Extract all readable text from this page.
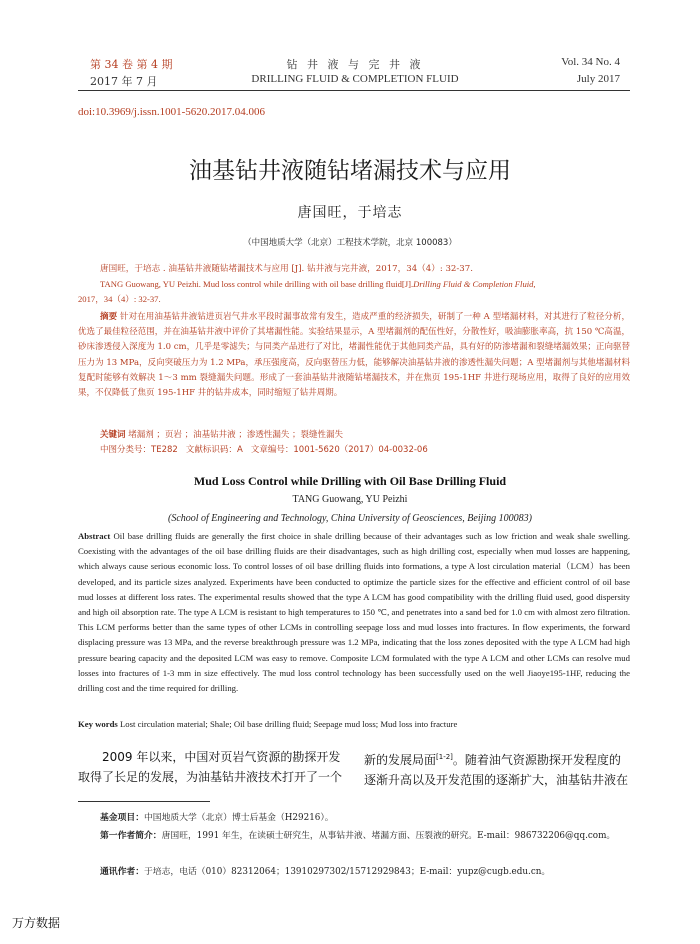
第 34 卷 第 4 期
2017 年 7 月
钻 井 液 与 完 井 液
DRILLING FLUID & COMPLETION FLUID
Vol. 34 No. 4
July 2017
doi:10.3969/j.issn.1001-5620.2017.04.006
油基钻井液随钻堵漏技术与应用
唐国旺，于培志
（中国地质大学（北京）工程技术学院，北京 100083）
唐国旺，于培志 . 油基钻井液随钻堵漏技术与应用 [J]. 钻井液与完井液，2017，34（4）: 32-37.
TANG Guowang, YU Peizhi. Mud loss control while drilling with oil base drilling fluid[J].Drilling Fluid & Completion Fluid,
2017，34（4）: 32-37.
摘要 针对在用油基钻井液钻进页岩气井水平段时漏事故常有发生，造成严重的经济损失，研制了一种 A 型堵漏材料，对其进行了粒径分析，优选了最佳粒径范围，并在油基钻井液中评价了其堵漏性能。实验结果显示，A 型堵漏剂的配伍性好，分散性好，吸油膨胀率高，抗 150 ℃高温，砂床渗透侵入深度为 1.0 cm，几乎是零滤失；与同类产品进行了对比，堵漏性能优于其他同类产品，具有好的防渗堵漏和裂缝堵漏效果；正向驱替压力为 13 MPa，反向突破压力为 1.2 MPa，承压强度高，反向驱替压力低，能够解决油基钻井液的渗透性漏失问题；A 型堵漏剂与其他堵漏材料复配时能够有效解决 1～3 mm 裂缝漏失问题。形成了一套油基钻井液随钻堵漏技术，并在焦页 195-1HF 井进行现场应用，取得了良好的应用效果，不仅降低了焦页 195-1HF 井的钻井成本，同时缩短了钻井周期。
关键词 堵漏剂 ；页岩 ；油基钻井液 ；渗透性漏失 ；裂缝性漏失
中图分类号：TE282 文献标识码：A 文章编号：1001-5620（2017）04-0032-06
Mud Loss Control while Drilling with Oil Base Drilling Fluid
TANG Guowang, YU Peizhi
(School of Engineering and Technology, China University of Geosciences, Beijing 100083)
Abstract Oil base drilling fluids are generally the first choice in shale drilling because of their advantages such as low friction and weak shale swelling. Coexisting with the advantages of the oil base drilling fluids are their disadvantages, such as high drilling cost, especially when mud losses are happening, which always cause serious economic loss. To control losses of oil base drilling fluids into formations, a type A lost circulation material（LCM）has been developed, and its particle sizes analyzed. Experiments have been conducted to optimize the particle sizes for the effective and efficient control of oil base mud losses at different loss rates. The experimental results showed that the type A LCM has good compatibility with the drilling fluid used, good dispersity and high oil absorption rate. The type A LCM is resistant to high temperatures to 150 ℃, and penetrates into a sand bed for 1.0 cm with almost zero filtration. This LCM performs better than the same types of other LCMs in controlling seepage loss and mud losses into fractures. In flow experiments, the forward displacing pressure was 13 MPa, and the reverse breakthrough pressure was 1.2 MPa, indicating that the loss zones deposited with the type A LCM had high pressure bearing capacity and the deposited LCM was easy to remove. Composite LCM formulated with the type A LCM and other LCMs can resolve mud losses into fractures of 1-3 mm in size effectively. The mud loss control technology has been successfully used on the well Jiaoye195-1HF, reducing the drilling cost and the time required for drilling.
Key words Lost circulation material; Shale; Oil base drilling fluid; Seepage mud loss; Mud loss into fracture
2009 年以来，中国对页岩气资源的勘探开发取得了长足的发展，为油基钻井液技术打开了一个
新的发展局面[1-2]。随着油气资源勘探开发程度的逐渐升高以及开发范围的逐渐扩大，油基钻井液在
基金项目：中国地质大学（北京）博士后基金（H29216）。
第一作者简介：唐国旺，1991 年生，在读硕士研究生，从事钻井液、堵漏方面、压裂液的研究。E-mail：986732206@qq.com。
通讯作者：于培志，电话（010）82312064；13910297302/15712929843；E-mail：yupz@cugb.edu.cn。
万方数据
